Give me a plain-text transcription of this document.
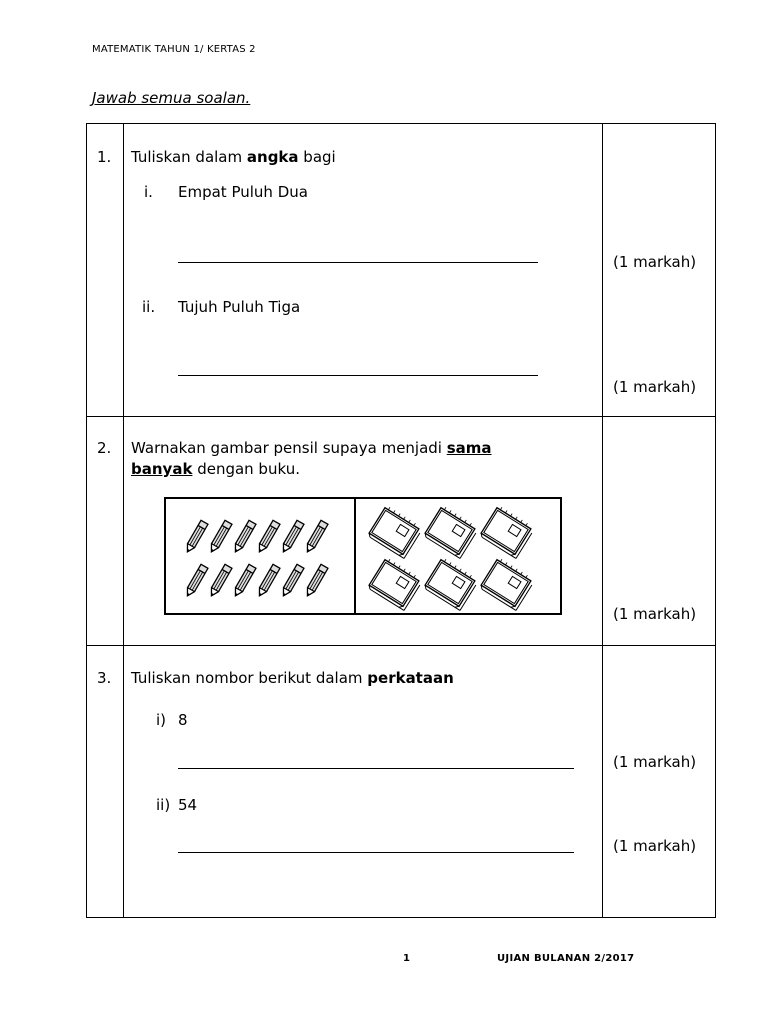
MATEMATIK TAHUN 1/ KERTAS 2
Jawab semua soalan.
1.	Tuliskan dalam angka bagi
i. Empat Puluh Dua
ii. Tujuh Puluh Tiga	(1 markah)
(1 markah)

2.	Warnakan gambar pensil supaya menjadi sama
banyak dengan buku.	(1 markah)

3.	Tuliskan nombor berikut dalam perkataan
i) 8
ii) 54	(1 markah)
(1 markah)
1	UJIAN BULANAN 2/2017
